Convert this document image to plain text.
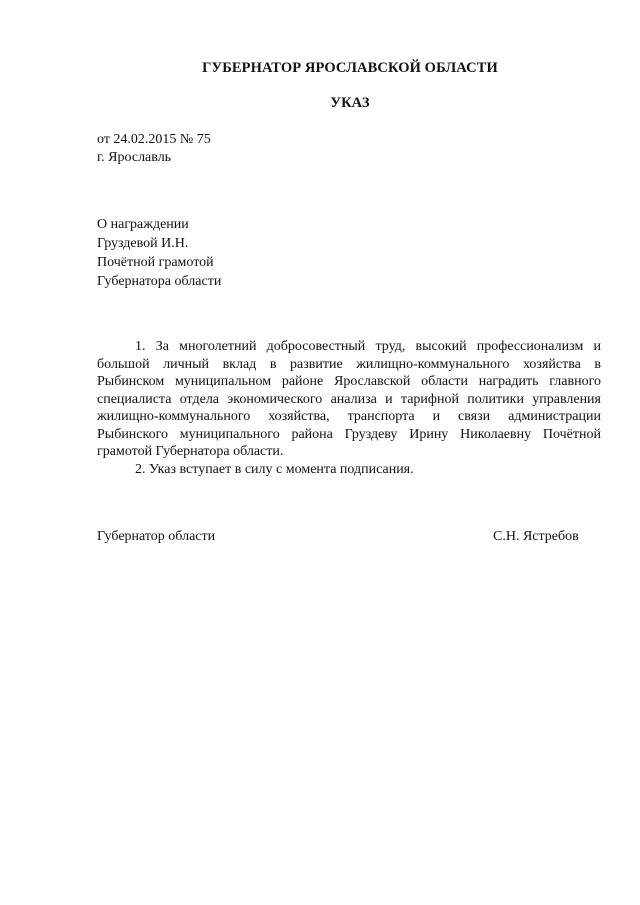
ГУБЕРНАТОР ЯРОСЛАВСКОЙ ОБЛАСТИ
УКАЗ
от 24.02.2015 № 75
г. Ярославль
О награждении
Груздевой И.Н.
Почётной грамотой
Губернатора области

1. За многолетний добросовестный труд, высокий профессионализм и большой личный вклад в развитие жилищно-коммунального хозяйства в Рыбинском муниципальном районе Ярославской области наградить главного специалиста отдела экономического анализа и тарифной политики управления жилищно-коммунального хозяйства, транспорта и связи администрации Рыбинского муниципального района Груздеву Ирину Николаевну Почётной грамотой Губернатора области.

2. Указ вступает в силу с момента подписания.

Губернатор области	С.Н. Ястребов
